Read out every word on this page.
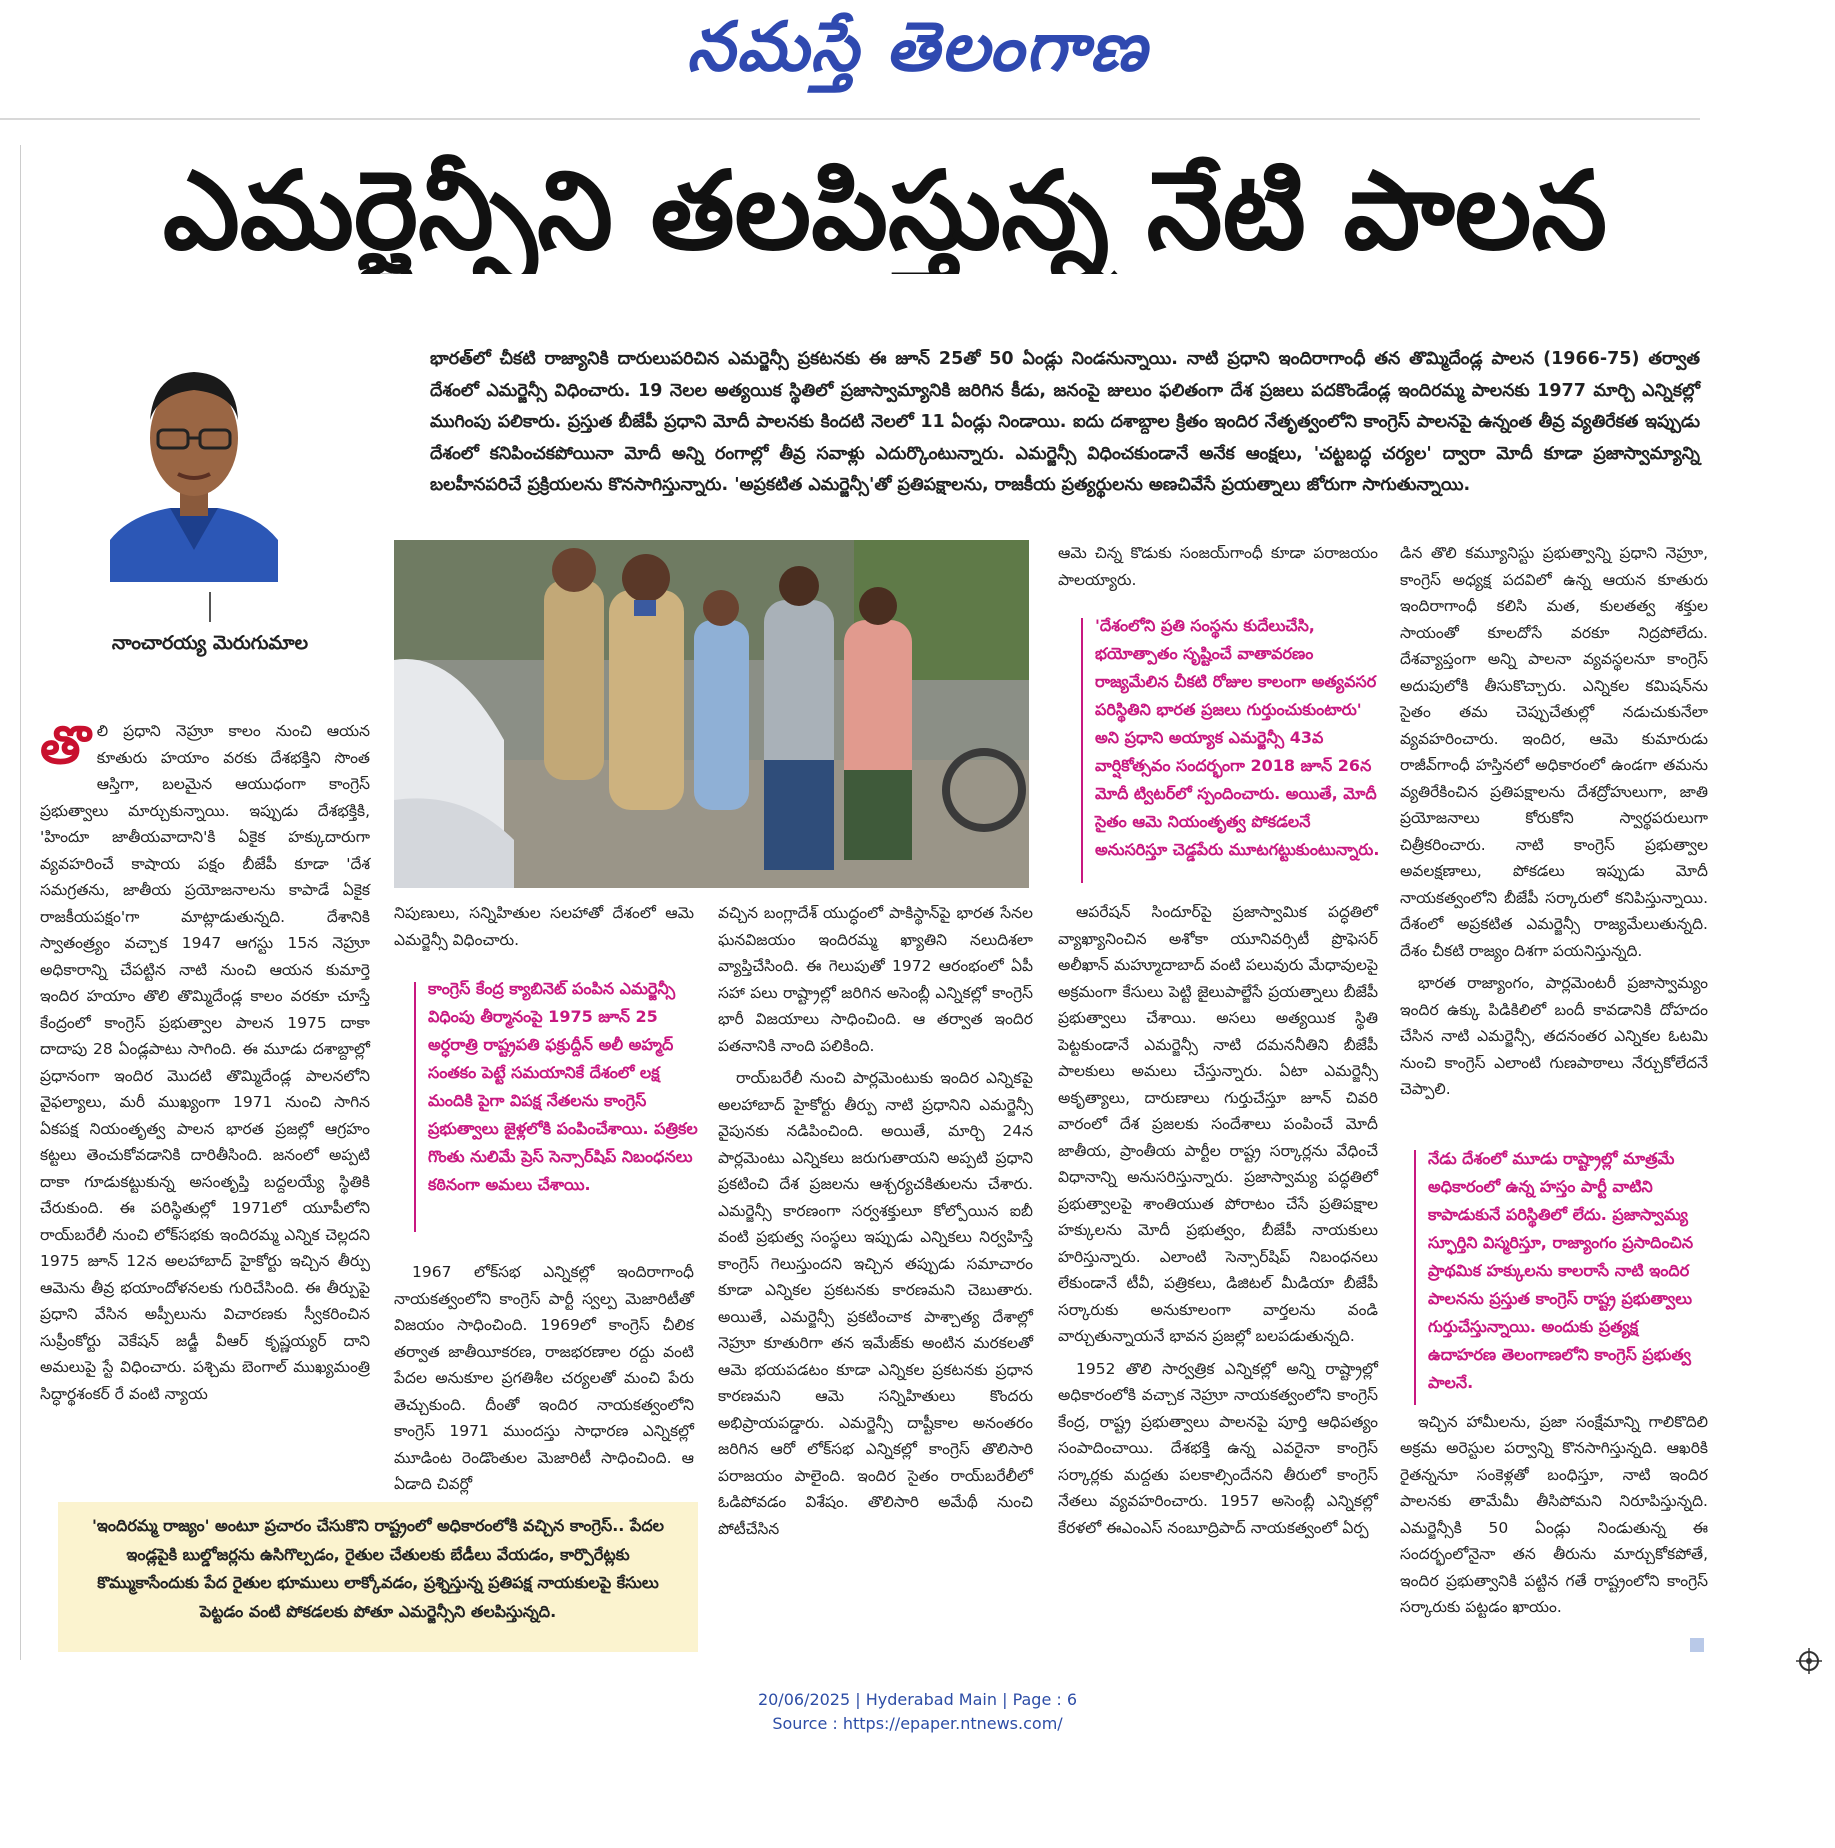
నమస్తే తెలంగాణ
ఎమర్జెన్సీని తలపిస్తున్న నేటి పాలన
నాంచారయ్య మెరుగుమాల
భారత్‌లో చీకటి రాజ్యానికి దారులుపరిచిన ఎమర్జెన్సీ ప్రకటనకు ఈ జూన్ 25తో 50 ఏండ్లు నిండనున్నాయి. నాటి ప్రధాని ఇందిరాగాంధీ తన తొమ్మిదేండ్ల పాలన (1966-75) తర్వాత దేశంలో ఎమర్జెన్సీ విధించారు. 19 నెలల అత్యయిక స్థితిలో ప్రజాస్వామ్యానికి జరిగిన కీడు, జనంపై జులుం ఫలితంగా దేశ ప్రజలు పదకొండేండ్ల ఇందిరమ్మ పాలనకు 1977 మార్చి ఎన్నికల్లో ముగింపు పలికారు. ప్రస్తుత బీజేపీ ప్రధాని మోదీ పాలనకు కిందటి నెలలో 11 ఏండ్లు నిండాయి. ఐదు దశాబ్దాల క్రితం ఇందిర నేతృత్వంలోని కాంగ్రెస్ పాలనపై ఉన్నంత తీవ్ర వ్యతిరేకత ఇప్పుడు దేశంలో కనిపించకపోయినా మోదీ అన్ని రంగాల్లో తీవ్ర సవాళ్లు ఎదుర్కొంటున్నారు. ఎమర్జెన్సీ విధించకుండానే అనేక ఆంక్షలు, 'చట్టబద్ధ చర్యల' ద్వారా మోదీ కూడా ప్రజాస్వామ్యాన్ని బలహీనపరిచే ప్రక్రియలను కొనసాగిస్తున్నారు. 'అప్రకటిత ఎమర్జెన్సీ'తో ప్రతిపక్షాలను, రాజకీయ ప్రత్యర్థులను అణచివేసే ప్రయత్నాలు జోరుగా సాగుతున్నాయి.
తొ లి ప్రధాని నెహ్రూ కాలం నుంచి ఆయన కూతురు హయాం వరకు దేశభక్తిని సొంత ఆస్తిగా, బలమైన ఆయుధంగా కాంగ్రెస్ ప్రభుత్వాలు మార్చుకున్నాయి. ఇప్పుడు దేశభక్తికి, 'హిందూ జాతీయవాదాని'కి ఏకైక హక్కుదారుగా వ్యవహరించే కాషాయ పక్షం బీజేపీ కూడా 'దేశ సమగ్రతను, జాతీయ ప్రయోజనాలను కాపాడే ఏకైక రాజకీయపక్షం'గా మాట్లాడుతున్నది. దేశానికి స్వాతంత్ర్యం వచ్చాక 1947 ఆగస్టు 15న నెహ్రూ అధికారాన్ని చేపట్టిన నాటి నుంచి ఆయన కుమార్తె ఇందిర హయాం తొలి తొమ్మిదేండ్ల కాలం వరకూ చూస్తే కేంద్రంలో కాంగ్రెస్ ప్రభుత్వాల పాలన 1975 దాకా దాదాపు 28 ఏండ్లపాటు సాగింది. ఈ మూడు దశాబ్దాల్లో ప్రధానంగా ఇందిర మొదటి తొమ్మిదేండ్ల పాలనలోని వైఫల్యాలు, మరీ ముఖ్యంగా 1971 నుంచి సాగిన ఏకపక్ష నియంతృత్వ పాలన భారత ప్రజల్లో ఆగ్రహం కట్టలు తెంచుకోవడానికి దారితీసింది. జనంలో అప్పటి దాకా గూడుకట్టుకున్న అసంతృప్తి బద్దలయ్యే స్థితికి చేరుకుంది. ఈ పరిస్థితుల్లో 1971లో యూపీలోని రాయ్‌బరేలీ నుంచి లోక్‌సభకు ఇందిరమ్మ ఎన్నిక చెల్లదని 1975 జూన్ 12న అలహాబాద్ హైకోర్టు ఇచ్చిన తీర్పు ఆమెను తీవ్ర భయాందోళనలకు గురిచేసింది. ఈ తీర్పుపై ప్రధాని వేసిన అప్పీలును విచారణకు స్వీకరించిన సుప్రీంకోర్టు వెకేషన్ జడ్జీ వీఆర్ కృష్ణయ్యర్ దాని అమలుపై స్టే విధించారు. పశ్చిమ బెంగాల్ ముఖ్యమంత్రి సిద్ధార్థశంకర్ రే వంటి న్యాయ

నిపుణులు, సన్నిహితుల సలహాతో దేశంలో ఆమె ఎమర్జెన్సీ విధించారు.

1967 లోక్‌సభ ఎన్నికల్లో ఇందిరాగాంధీ నాయకత్వంలోని కాంగ్రెస్ పార్టీ స్వల్ప మెజారిటీతో విజయం సాధించింది. 1969లో కాంగ్రెస్ చీలిక తర్వాత జాతీయీకరణ, రాజభరణాల రద్దు వంటి పేదల అనుకూల ప్రగతిశీల చర్యలతో మంచి పేరు తెచ్చుకుంది. దీంతో ఇందిర నాయకత్వంలోని కాంగ్రెస్ 1971 ముందస్తు సాధారణ ఎన్నికల్లో మూడింట రెండొంతుల మెజారిటీ సాధించింది. ఆ ఏడాది చివర్లో

కాంగ్రెస్ కేంద్ర క్యాబినెట్ పంపిన ఎమర్జెన్సీ విధింపు తీర్మానంపై 1975 జూన్ 25 అర్ధరాత్రి రాష్ట్రపతి ఫక్రుద్దీన్ అలీ అహ్మద్ సంతకం పెట్టే సమయానికే దేశంలో లక్ష మందికి పైగా విపక్ష నేతలను కాంగ్రెస్ ప్రభుత్వాలు జైళ్లలోకి పంపించేశాయి. పత్రికల గొంతు నులిమే ప్రెస్ సెన్సార్‌షిప్ నిబంధనలు కఠినంగా అమలు చేశాయి.

వచ్చిన బంగ్లాదేశ్ యుద్ధంలో పాకిస్థాన్‌పై భారత సేనల ఘనవిజయం ఇందిరమ్మ ఖ్యాతిని నలుదిశలా వ్యాప్తిచేసింది. ఈ గెలుపుతో 1972 ఆరంభంలో ఏపీ సహా పలు రాష్ట్రాల్లో జరిగిన అసెంబ్లీ ఎన్నికల్లో కాంగ్రెస్ భారీ విజయాలు సాధించింది. ఆ తర్వాత ఇందిర పతనానికి నాంది పలికింది.

రాయ్‌బరేలీ నుంచి పార్లమెంటుకు ఇందిర ఎన్నికపై అలహాబాద్ హైకోర్టు తీర్పు నాటి ప్రధానిని ఎమర్జెన్సీ వైపునకు నడిపించింది. అయితే, మార్చి 24న పార్లమెంటు ఎన్నికలు జరుగుతాయని అప్పటి ప్రధాని ప్రకటించి దేశ ప్రజలను ఆశ్చర్యచకితులను చేశారు. ఎమర్జెన్సీ కారణంగా సర్వశక్తులూ కోల్పోయిన ఐబీ వంటి ప్రభుత్వ సంస్థలు ఇప్పుడు ఎన్నికలు నిర్వహిస్తే కాంగ్రెస్ గెలుస్తుందని ఇచ్చిన తప్పుడు సమాచారం కూడా ఎన్నికల ప్రకటనకు కారణమని చెబుతారు. అయితే, ఎమర్జెన్సీ ప్రకటించాక పాశ్చాత్య దేశాల్లో నెహ్రూ కూతురిగా తన ఇమేజ్‌కు అంటిన మరకలతో ఆమె భయపడటం కూడా ఎన్నికల ప్రకటనకు ప్రధాన కారణమని ఆమె సన్నిహితులు కొందరు అభిప్రాయపడ్డారు. ఎమర్జెన్సీ దాష్టీకాల అనంతరం జరిగిన ఆరో లోక్‌సభ ఎన్నికల్లో కాంగ్రెస్ తొలిసారి పరాజయం పాలైంది. ఇందిర సైతం రాయ్‌బరేలీలో ఓడిపోవడం విశేషం. తొలిసారి అమేథీ నుంచి పోటీచేసిన

ఆమె చిన్న కొడుకు సంజయ్‌గాంధీ కూడా పరాజయం పాలయ్యారు.

ఆపరేషన్ సిందూర్‌పై ప్రజాస్వామిక పద్ధతిలో వ్యాఖ్యానించిన అశోకా యూనివర్సిటీ ప్రొఫెసర్ అలీఖాన్ మహ్మూదాబాద్ వంటి పలువురు మేధావులపై అక్రమంగా కేసులు పెట్టి జైలుపాల్జేసే ప్రయత్నాలు బీజేపీ ప్రభుత్వాలు చేశాయి. అసలు అత్యయిక స్థితి పెట్టకుండానే ఎమర్జెన్సీ నాటి దమననీతిని బీజేపీ పాలకులు అమలు చేస్తున్నారు. ఏటా ఎమర్జెన్సీ అకృత్యాలు, దారుణాలు గుర్తుచేస్తూ జూన్ చివరి వారంలో దేశ ప్రజలకు సందేశాలు పంపించే మోదీ జాతీయ, ప్రాంతీయ పార్టీల రాష్ట్ర సర్కార్లను వేధించే విధానాన్ని అనుసరిస్తున్నారు. ప్రజాస్వామ్య పద్ధతిలో ప్రభుత్వాలపై శాంతియుత పోరాటం చేసే ప్రతిపక్షాల హక్కులను మోదీ ప్రభుత్వం, బీజేపీ నాయకులు హరిస్తున్నారు. ఎలాంటి సెన్సార్‌షిప్ నిబంధనలు లేకుండానే టీవీ, పత్రికలు, డిజిటల్ మీడియా బీజేపీ సర్కారుకు అనుకూలంగా వార్తలను వండి వార్చుతున్నాయనే భావన ప్రజల్లో బలపడుతున్నది.

1952 తొలి సార్వత్రిక ఎన్నికల్లో అన్ని రాష్ట్రాల్లో అధికారంలోకి వచ్చాక నెహ్రూ నాయకత్వంలోని కాంగ్రెస్ కేంద్ర, రాష్ట్ర ప్రభుత్వాలు పాలనపై పూర్తి ఆధిపత్యం సంపాదించాయి. దేశభక్తి ఉన్న ఎవరైనా కాంగ్రెస్ సర్కార్లకు మద్దతు పలకాల్సిందేనని తీరులో కాంగ్రెస్ నేతలు వ్యవహరించారు. 1957 అసెంబ్లీ ఎన్నికల్లో కేరళలో ఈఎంఎస్ నంబూద్రిపాద్ నాయకత్వంలో ఏర్ప

'దేశంలోని ప్రతి సంస్థను కుదేలుచేసి, భయోత్పాతం సృష్టించే వాతావరణం రాజ్యమేలిన చీకటి రోజుల కాలంగా అత్యవసర పరిస్థితిని భారత ప్రజలు గుర్తుంచుకుంటారు' అని ప్రధాని అయ్యాక ఎమర్జెన్సీ 43వ వార్షికోత్సవం సందర్భంగా 2018 జూన్ 26న మోదీ ట్విటర్‌లో స్పందించారు. అయితే, మోదీ సైతం ఆమె నియంతృత్వ పోకడలనే అనుసరిస్తూ చెడ్డపేరు మూటగట్టుకుంటున్నారు.

డిన తొలి కమ్యూనిస్టు ప్రభుత్వాన్ని ప్రధాని నెహ్రూ, కాంగ్రెస్ అధ్యక్ష పదవిలో ఉన్న ఆయన కూతురు ఇందిరాగాంధీ కలిసి మత, కులతత్వ శక్తుల సాయంతో కూలదోసే వరకూ నిద్రపోలేదు. దేశవ్యాప్తంగా అన్ని పాలనా వ్యవస్థలనూ కాంగ్రెస్ అదుపులోకి తీసుకొచ్చారు. ఎన్నికల కమిషన్‌ను సైతం తమ చెప్పుచేతుల్లో నడుచుకునేలా వ్యవహరించారు. ఇందిర, ఆమె కుమారుడు రాజీవ్‌గాంధీ హస్తినలో అధికారంలో ఉండగా తమను వ్యతిరేకించిన ప్రతిపక్షాలను దేశద్రోహులుగా, జాతి ప్రయోజనాలు కోరుకోని స్వార్థపరులుగా చిత్రీకరించారు. నాటి కాంగ్రెస్ ప్రభుత్వాల అవలక్షణాలు, పోకడలు ఇప్పుడు మోదీ నాయకత్వంలోని బీజేపీ సర్కారులో కనిపిస్తున్నాయి. దేశంలో అప్రకటిత ఎమర్జెన్సీ రాజ్యమేలుతున్నది. దేశం చీకటి రాజ్యం దిశగా పయనిస్తున్నది.

భారత రాజ్యాంగం, పార్లమెంటరీ ప్రజాస్వామ్యం ఇందిర ఉక్కు పిడికిలిలో బందీ కావడానికి దోహదం చేసిన నాటి ఎమర్జెన్సీ, తదనంతర ఎన్నికల ఓటమి నుంచి కాంగ్రెస్ ఎలాంటి గుణపాఠాలు నేర్చుకోలేదనే చెప్పాలి.

ఇచ్చిన హామీలను, ప్రజా సంక్షేమాన్ని గాలికొదిలి అక్రమ అరెస్టుల పర్వాన్ని కొనసాగిస్తున్నది. ఆఖరికి రైతన్ననూ సంకెళ్లతో బంధిస్తూ, నాటి ఇందిర పాలనకు తామేమీ తీసిపోమని నిరూపిస్తున్నది. ఎమర్జెన్సీకి 50 ఏండ్లు నిండుతున్న ఈ సందర్భంలోనైనా తన తీరును మార్చుకోకపోతే, ఇందిర ప్రభుత్వానికి పట్టిన గతే రాష్ట్రంలోని కాంగ్రెస్ సర్కారుకు పట్టడం ఖాయం.

నేడు దేశంలో మూడు రాష్ట్రాల్లో మాత్రమే అధికారంలో ఉన్న హస్తం పార్టీ వాటిని కాపాడుకునే పరిస్థితిలో లేదు. ప్రజాస్వామ్య స్ఫూర్తిని విస్మరిస్తూ, రాజ్యాంగం ప్రసాదించిన ప్రాథమిక హక్కులను కాలరాసే నాటి ఇందిర పాలనను ప్రస్తుత కాంగ్రెస్ రాష్ట్ర ప్రభుత్వాలు గుర్తుచేస్తున్నాయి. అందుకు ప్రత్యక్ష ఉదాహరణ తెలంగాణలోని కాంగ్రెస్ ప్రభుత్వ పాలనే.
'ఇందిరమ్మ రాజ్యం' అంటూ ప్రచారం చేసుకొని రాష్ట్రంలో అధికారంలోకి వచ్చిన కాంగ్రెస్.. పేదల ఇండ్లపైకి బుల్డోజర్లను ఉసిగొల్పడం, రైతుల చేతులకు బేడీలు వేయడం, కార్పొరేట్లకు కొమ్ముకాసేందుకు పేద రైతుల భూములు లాక్కోవడం, ప్రశ్నిస్తున్న ప్రతిపక్ష నాయకులపై కేసులు పెట్టడం వంటి పోకడలకు పోతూ ఎమర్జెన్సీని తలపిస్తున్నది.
20/06/2025 | Hyderabad Main | Page : 6
Source : https://epaper.ntnews.com/
